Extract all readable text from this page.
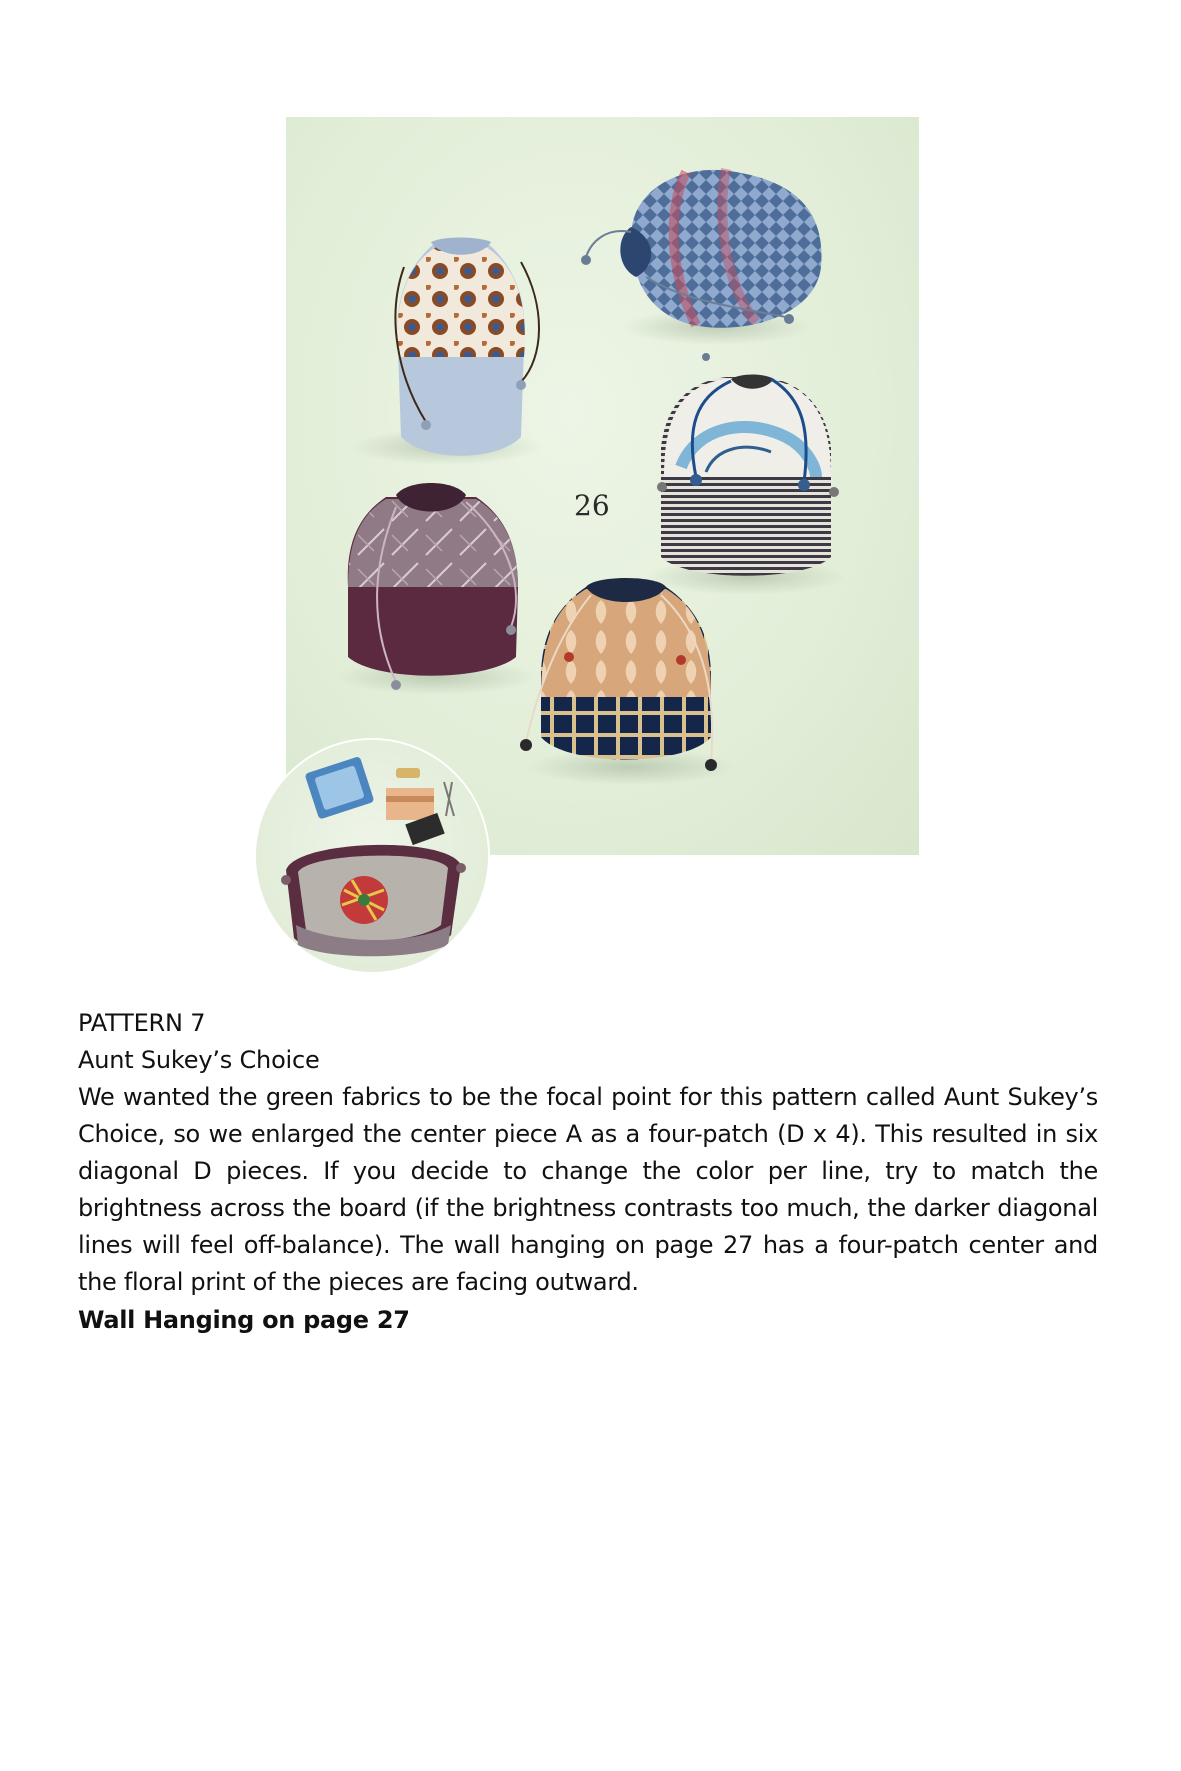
26

PATTERN 7

Aunt Sukey’s Choice

We wanted the green fabrics to be the focal point for this pattern called Aunt Sukey’s Choice, so we enlarged the center piece A as a four-patch (D x 4). This resulted in six diagonal D pieces. If you decide to change the color per line, try to match the brightness across the board (if the brightness contrasts too much, the darker diagonal lines will feel off-balance). The wall hanging on page 27 has a four-patch center and the floral print of the pieces are facing outward.

Wall Hanging on page 27
